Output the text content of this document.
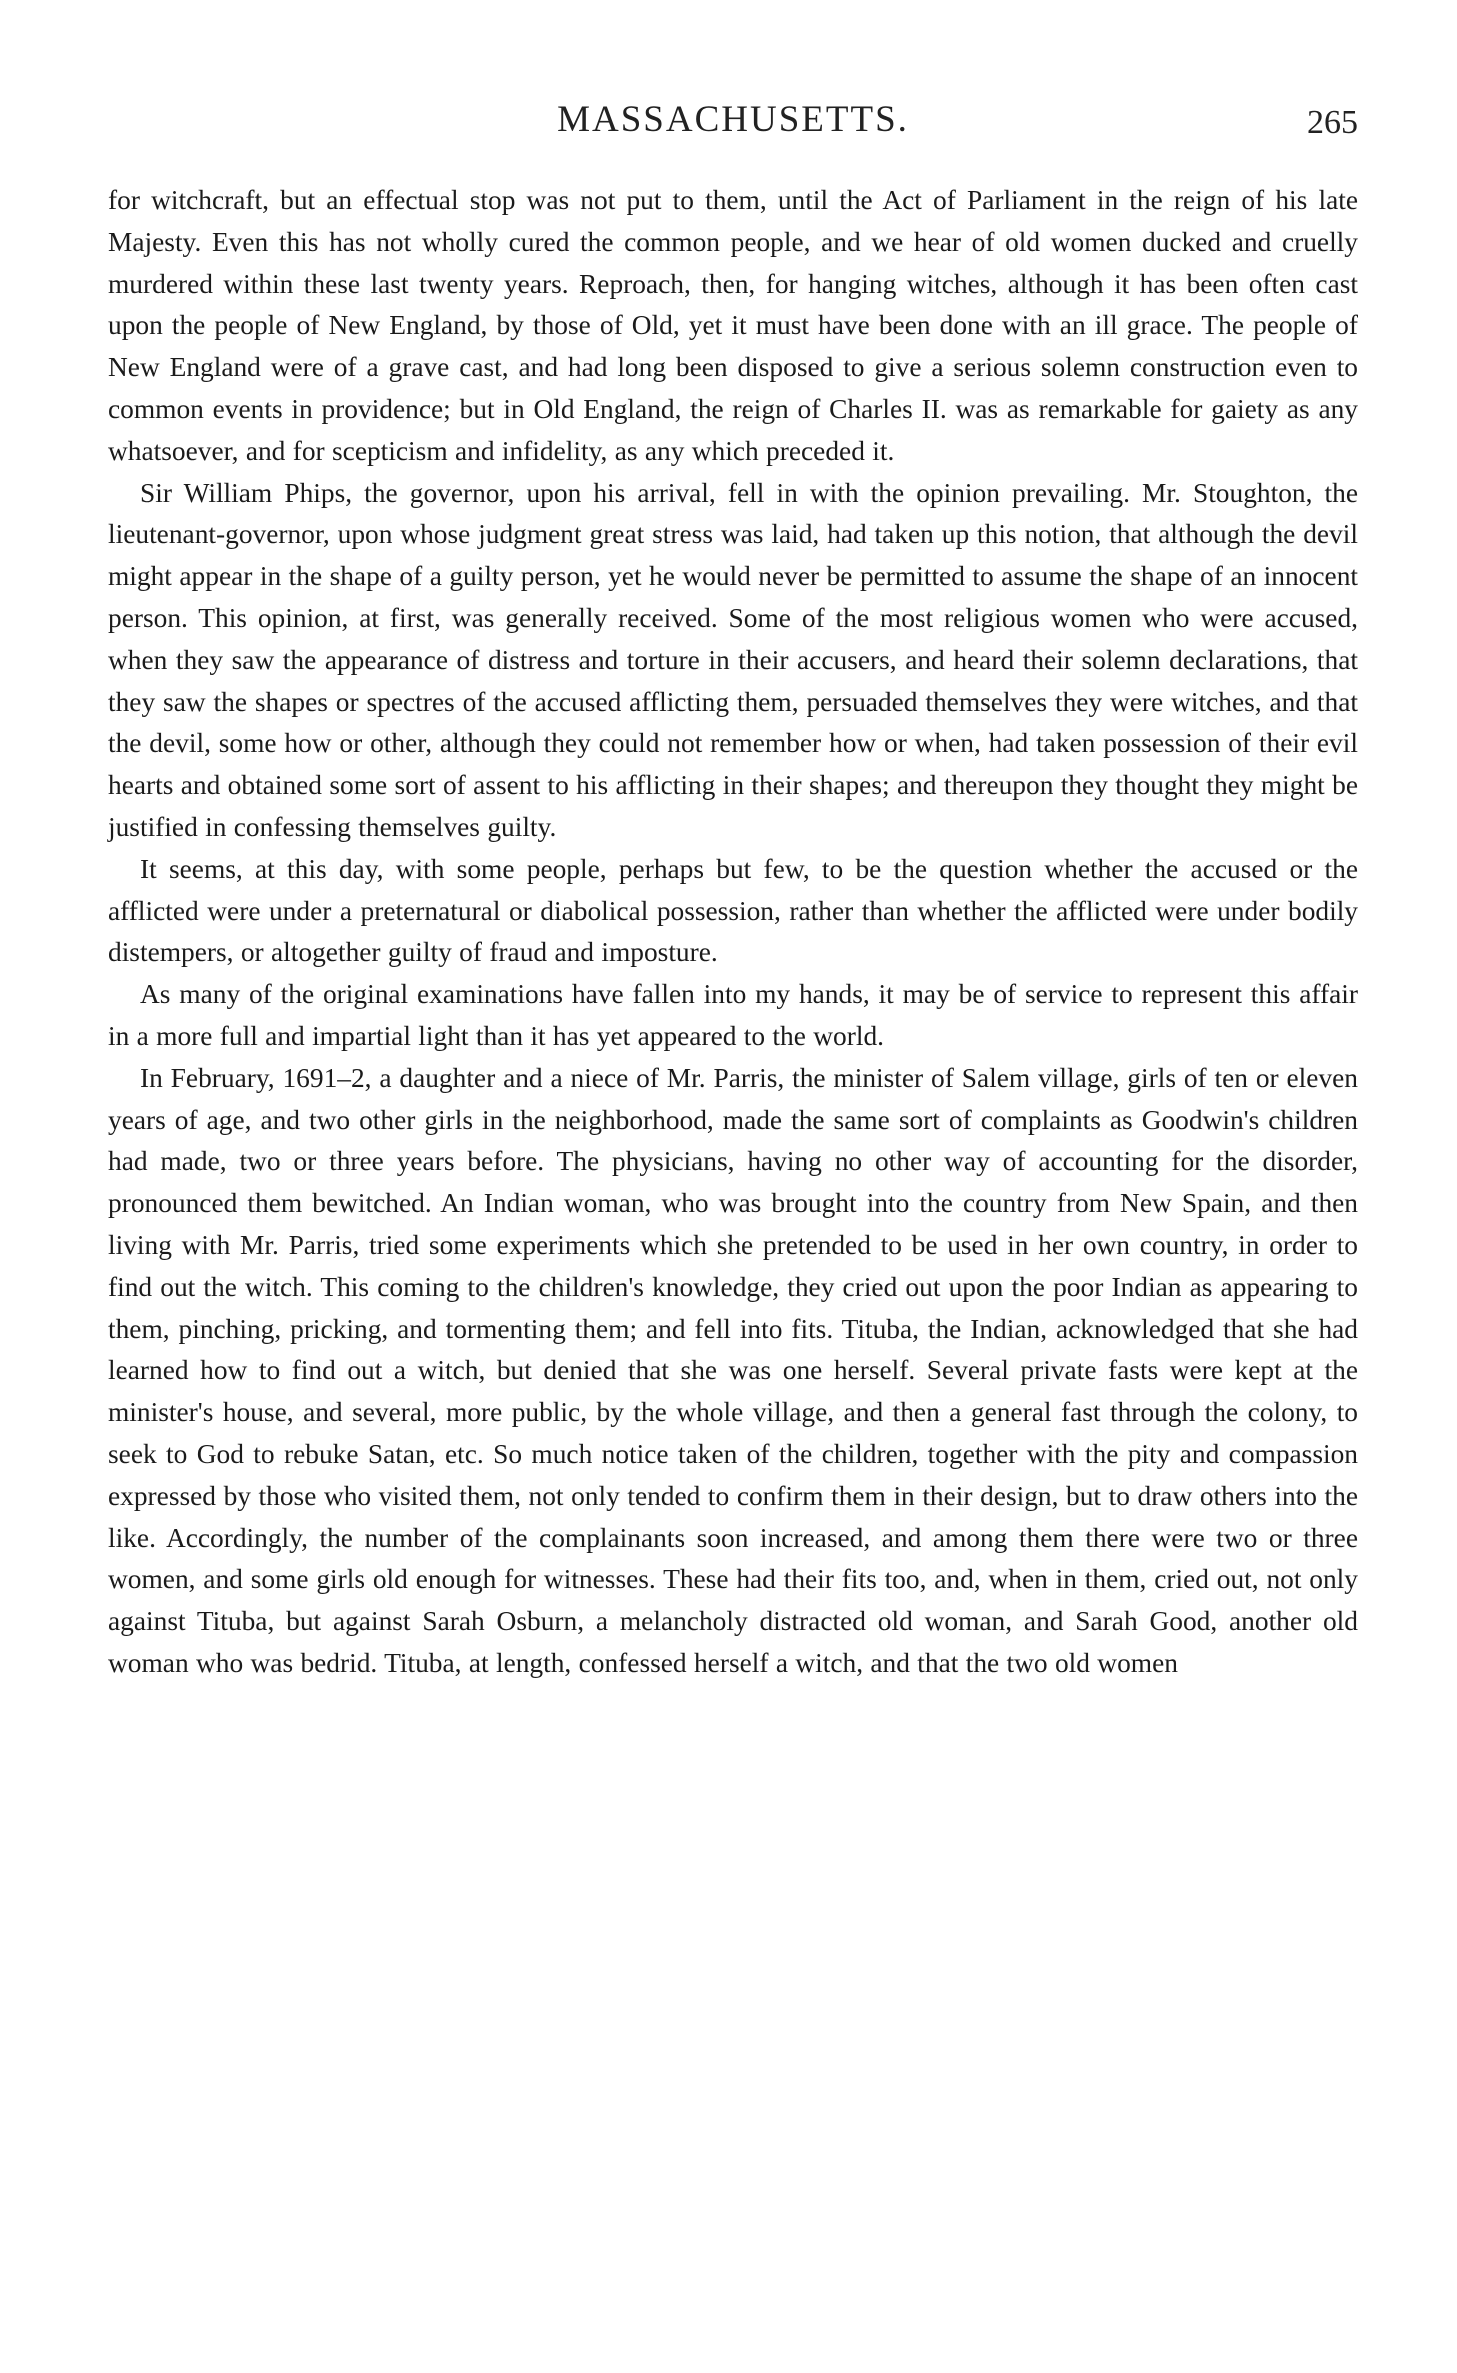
MASSACHUSETTS.	265

for witchcraft, but an effectual stop was not put to them, until the Act of Parliament in the reign of his late Majesty. Even this has not wholly cured the common people, and we hear of old women ducked and cruelly murdered within these last twenty years. Reproach, then, for hanging witches, although it has been often cast upon the people of New England, by those of Old, yet it must have been done with an ill grace. The people of New England were of a grave cast, and had long been disposed to give a serious solemn construction even to common events in providence; but in Old England, the reign of Charles II. was as remarkable for gaiety as any whatsoever, and for scepticism and infidelity, as any which preceded it.

Sir William Phips, the governor, upon his arrival, fell in with the opinion prevailing. Mr. Stoughton, the lieutenant-governor, upon whose judgment great stress was laid, had taken up this notion, that although the devil might appear in the shape of a guilty person, yet he would never be permitted to assume the shape of an innocent person. This opinion, at first, was generally received. Some of the most religious women who were accused, when they saw the appearance of distress and torture in their accusers, and heard their solemn declarations, that they saw the shapes or spectres of the accused afflicting them, persuaded themselves they were witches, and that the devil, some how or other, although they could not remember how or when, had taken possession of their evil hearts and obtained some sort of assent to his afflicting in their shapes; and thereupon they thought they might be justified in confessing themselves guilty.

It seems, at this day, with some people, perhaps but few, to be the question whether the accused or the afflicted were under a preternatural or diabolical possession, rather than whether the afflicted were under bodily distempers, or altogether guilty of fraud and imposture.

As many of the original examinations have fallen into my hands, it may be of service to represent this affair in a more full and impartial light than it has yet appeared to the world.

In February, 1691–2, a daughter and a niece of Mr. Parris, the minister of Salem village, girls of ten or eleven years of age, and two other girls in the neighborhood, made the same sort of complaints as Goodwin's children had made, two or three years before. The physicians, having no other way of accounting for the disorder, pronounced them bewitched. An Indian woman, who was brought into the country from New Spain, and then living with Mr. Parris, tried some experiments which she pretended to be used in her own country, in order to find out the witch. This coming to the children's knowledge, they cried out upon the poor Indian as appearing to them, pinching, pricking, and tormenting them; and fell into fits. Tituba, the Indian, acknowledged that she had learned how to find out a witch, but denied that she was one herself. Several private fasts were kept at the minister's house, and several, more public, by the whole village, and then a general fast through the colony, to seek to God to rebuke Satan, etc. So much notice taken of the children, together with the pity and compassion expressed by those who visited them, not only tended to confirm them in their design, but to draw others into the like. Accordingly, the number of the complainants soon increased, and among them there were two or three women, and some girls old enough for witnesses. These had their fits too, and, when in them, cried out, not only against Tituba, but against Sarah Osburn, a melancholy distracted old woman, and Sarah Good, another old woman who was bedrid. Tituba, at length, confessed herself a witch, and that the two old women
